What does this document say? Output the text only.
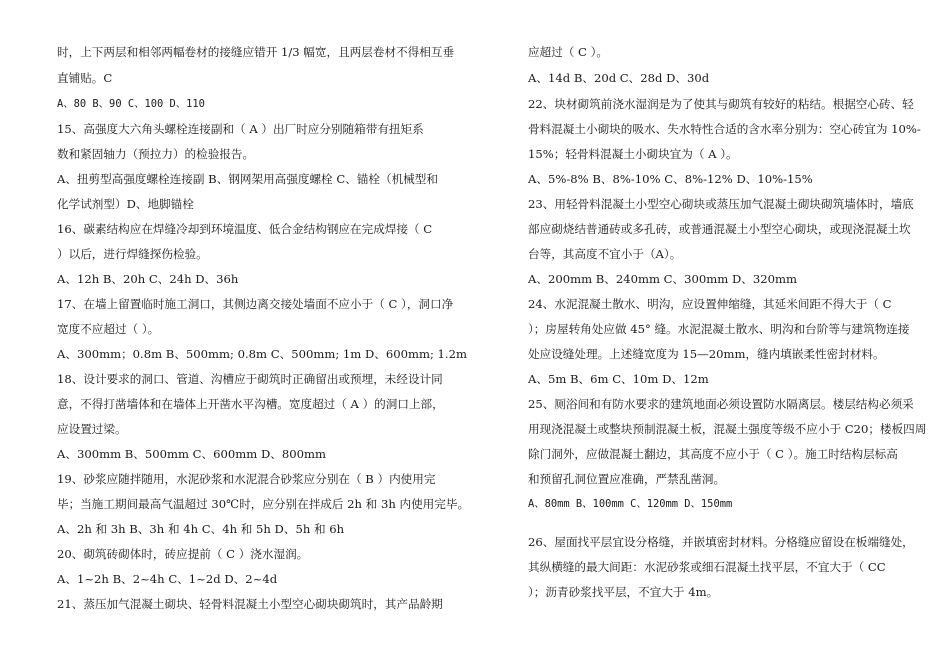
时，上下两层和相邻两幅卷材的接缝应错开 1/3 幅宽，且两层卷材不得相互垂
直铺贴。C
A、80 B、90 C、100 D、110
15、高强度大六角头螺栓连接副和（ A ）出厂时应分别随箱带有扭矩系
数和紧固轴力（预拉力）的检验报告。
A、扭剪型高强度螺栓连接副 B、钢网架用高强度螺栓 C、锚栓（机械型和
化学试剂型）D、地脚锚栓
16、碳素结构应在焊缝冷却到环境温度、低合金结构钢应在完成焊接（ C
）以后，进行焊缝探伤检验。
A、12h B、20h C、24h D、36h
17、在墙上留置临时施工洞口，其侧边离交接处墙面不应小于（ C ），洞口净
宽度不应超过（ ）。
A、300mm；0.8m B、500mm; 0.8m C、500mm; 1m D、600mm; 1.2m
18、设计要求的洞口、管道、沟槽应于砌筑时正确留出或预埋，未经设计同
意，不得打凿墙体和在墙体上开凿水平沟槽。宽度超过（ A ）的洞口上部，
应设置过梁。
A、300mm B、500mm C、600mm D、800mm
19、砂浆应随拌随用，水泥砂浆和水泥混合砂浆应分别在（ B ）内使用完
毕；当施工期间最高气温超过 30℃时，应分别在拌成后 2h 和 3h 内使用完毕。
A、2h 和 3h B、3h 和 4h C、4h 和 5h D、5h 和 6h
20、砌筑砖砌体时，砖应提前（ C ）浇水湿润。
A、1~2h B、2~4h C、1~2d D、2~4d
21、蒸压加气混凝土砌块、轻骨料混凝土小型空心砌块砌筑时，其产品龄期
应超过（ C ）。
A、14d B、20d C、28d D、30d
22、块材砌筑前浇水湿润是为了使其与砌筑有较好的粘结。根据空心砖、轻
骨料混凝土小砌块的吸水、失水特性合适的含水率分别为：空心砖宜为 10%-
15%；轻骨料混凝土小砌块宜为（ A ）。
A、5%-8% B、8%-10% C、8%-12% D、10%-15%
23、用轻骨料混凝土小型空心砌块或蒸压加气混凝土砌块砌筑墙体时，墙底
部应砌烧结普通砖或多孔砖，或普通混凝土小型空心砌块，或现浇混凝土坎
台等，其高度不宜小于（A）。
A、200mm B、240mm C、300mm D、320mm
24、水泥混凝土散水、明沟，应设置伸缩缝，其延米间距不得大于（ C
）；房屋转角处应做 45° 缝。水泥混凝土散水、明沟和台阶等与建筑物连接
处应设缝处理。上述缝宽度为 15—20mm，缝内填嵌柔性密封材料。
A、5m B、6m C、10m D、12m
25、厕浴间和有防水要求的建筑地面必须设置防水隔离层。楼层结构必须采
用现浇混凝土或整块预制混凝土板，混凝土强度等级不应小于 C20；楼板四周
除门洞外，应做混凝土翻边，其高度不应小于（ C ）。施工时结构层标高
和预留孔洞位置应准确，严禁乱凿洞。
A、80mm B、100mm C、120mm D、150mm
26、屋面找平层宜设分格缝，并嵌填密封材料。分格缝应留设在板端缝处，
其纵横缝的最大间距：水泥砂浆或细石混凝土找平层，不宜大于（ CC
）；沥青砂浆找平层，不宜大于 4m。
